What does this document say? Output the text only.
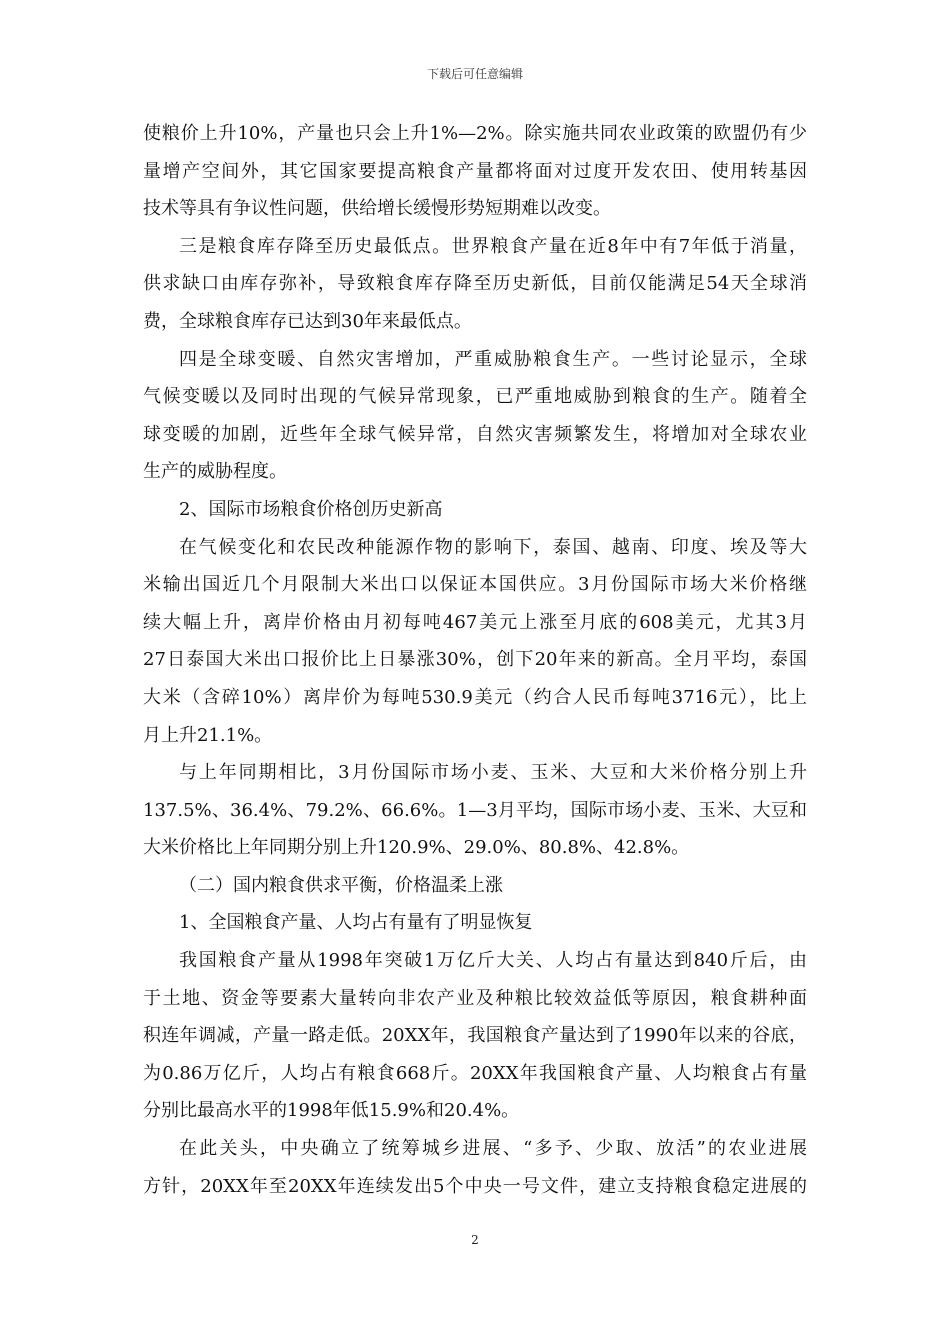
下载后可任意编辑
使粮价上升10%，产量也只会上升1%—2%。除实施共同农业政策的欧盟仍有少
量增产空间外，其它国家要提高粮食产量都将面对过度开发农田、使用转基因
技术等具有争议性问题，供给增长缓慢形势短期难以改变。
三是粮食库存降至历史最低点。世界粮食产量在近8年中有7年低于消量，
供求缺口由库存弥补，导致粮食库存降至历史新低，目前仅能满足54天全球消
费，全球粮食库存已达到30年来最低点。
四是全球变暖、自然灾害增加，严重威胁粮食生产。一些讨论显示，全球
气候变暖以及同时出现的气候异常现象，已严重地威胁到粮食的生产。随着全
球变暖的加剧，近些年全球气候异常，自然灾害频繁发生，将增加对全球农业
生产的威胁程度。
2、国际市场粮食价格创历史新高
在气候变化和农民改种能源作物的影响下，泰国、越南、印度、埃及等大
米输出国近几个月限制大米出口以保证本国供应。3月份国际市场大米价格继
续大幅上升，离岸价格由月初每吨467美元上涨至月底的608美元，尤其3月
27日泰国大米出口报价比上日暴涨30%，创下20年来的新高。全月平均，泰国
大米（含碎10%）离岸价为每吨530.9美元（约合人民币每吨3716元），比上
月上升21.1%。
与上年同期相比，3月份国际市场小麦、玉米、大豆和大米价格分别上升
137.5%、36.4%、79.2%、66.6%。1—3月平均，国际市场小麦、玉米、大豆和
大米价格比上年同期分别上升120.9%、29.0%、80.8%、42.8%。
（二）国内粮食供求平衡，价格温柔上涨
1、全国粮食产量、人均占有量有了明显恢复
我国粮食产量从1998年突破1万亿斤大关、人均占有量达到840斤后，由
于土地、资金等要素大量转向非农产业及种粮比较效益低等原因，粮食耕种面
积连年调减，产量一路走低。20XX年，我国粮食产量达到了1990年以来的谷底，
为0.86万亿斤，人均占有粮食668斤。20XX年我国粮食产量、人均粮食占有量
分别比最高水平的1998年低15.9%和20.4%。
在此关头，中央确立了统筹城乡进展、“多予、少取、放活”的农业进展
方针，20XX年至20XX年连续发出5个中央一号文件，建立支持粮食稳定进展的
2
